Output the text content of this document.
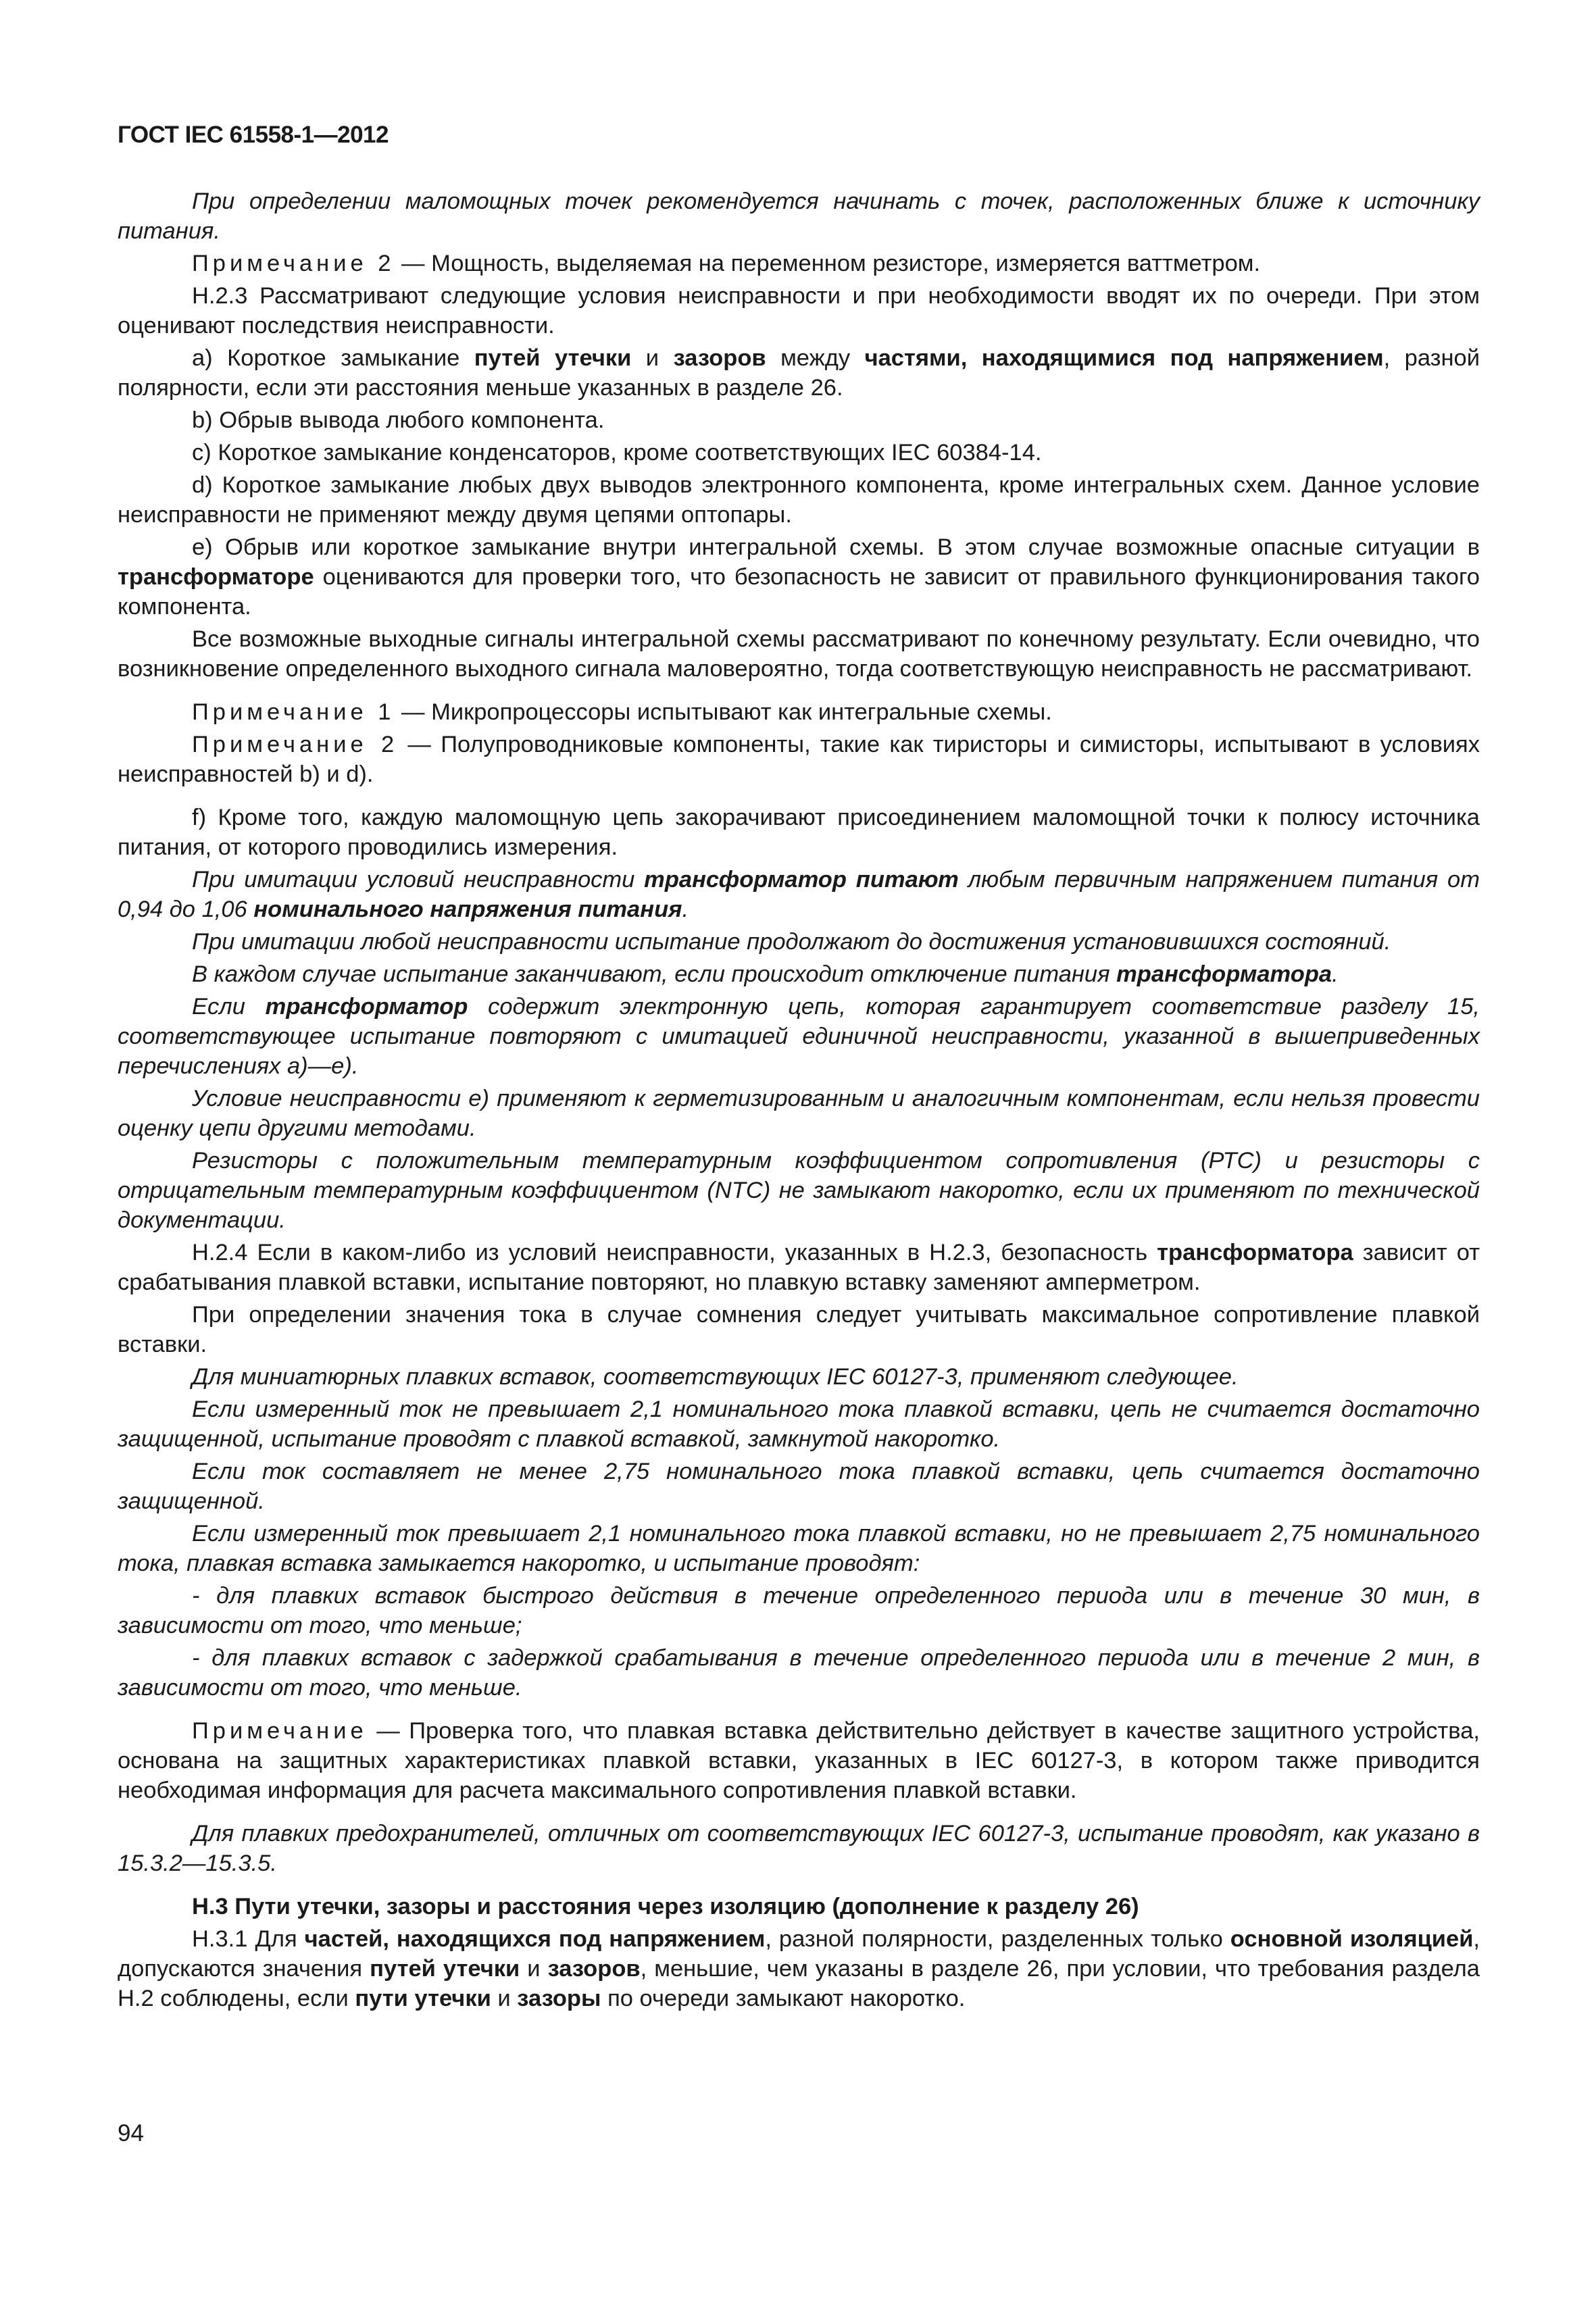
ГОСТ IEC 61558-1—2012

При определении маломощных точек рекомендуется начинать с точек, расположенных ближе к источнику питания.

Примечание 2 — Мощность, выделяемая на переменном резисторе, измеряется ваттметром.

Н.2.3 Рассматривают следующие условия неисправности и при необходимости вводят их по очереди. При этом оценивают последствия неисправности.

а) Короткое замыкание путей утечки и зазоров между частями, находящимися под напряжением, разной полярности, если эти расстояния меньше указанных в разделе 26.

b) Обрыв вывода любого компонента.

с) Короткое замыкание конденсаторов, кроме соответствующих IEC 60384-14.

d) Короткое замыкание любых двух выводов электронного компонента, кроме интегральных схем. Данное условие неисправности не применяют между двумя цепями оптопары.

е) Обрыв или короткое замыкание внутри интегральной схемы. В этом случае возможные опасные ситуации в трансформаторе оцениваются для проверки того, что безопасность не зависит от правильного функционирования такого компонента.

Все возможные выходные сигналы интегральной схемы рассматривают по конечному результату. Если очевидно, что возникновение определенного выходного сигнала маловероятно, тогда соответствующую неисправность не рассматривают.

Примечание 1 — Микропроцессоры испытывают как интегральные схемы.

Примечание 2 — Полупроводниковые компоненты, такие как тиристоры и симисторы, испытывают в условиях неисправностей b) и d).

f) Кроме того, каждую маломощную цепь закорачивают присоединением маломощной точки к полюсу источника питания, от которого проводились измерения.

При имитации условий неисправности трансформатор питают любым первичным напряжением питания от 0,94 до 1,06 номинального напряжения питания.

При имитации любой неисправности испытание продолжают до достижения установившихся состояний.

В каждом случае испытание заканчивают, если происходит отключение питания трансформатора.

Если трансформатор содержит электронную цепь, которая гарантирует соответствие разделу 15, соответствующее испытание повторяют с имитацией единичной неисправности, указанной в вышеприведенных перечислениях а)—е).

Условие неисправности е) применяют к герметизированным и аналогичным компонентам, если нельзя провести оценку цепи другими методами.

Резисторы с положительным температурным коэффициентом сопротивления (РТС) и резисторы с отрицательным температурным коэффициентом (NTC) не замыкают накоротко, если их применяют по технической документации.

Н.2.4 Если в каком-либо из условий неисправности, указанных в Н.2.3, безопасность трансформатора зависит от срабатывания плавкой вставки, испытание повторяют, но плавкую вставку заменяют амперметром.

При определении значения тока в случае сомнения следует учитывать максимальное сопротивление плавкой вставки.

Для миниатюрных плавких вставок, соответствующих IEC 60127-3, применяют следующее.

Если измеренный ток не превышает 2,1 номинального тока плавкой вставки, цепь не считается достаточно защищенной, испытание проводят с плавкой вставкой, замкнутой накоротко.

Если ток составляет не менее 2,75 номинального тока плавкой вставки, цепь считается достаточно защищенной.

Если измеренный ток превышает 2,1 номинального тока плавкой вставки, но не превышает 2,75 номинального тока, плавкая вставка замыкается накоротко, и испытание проводят:

- для плавких вставок быстрого действия в течение определенного периода или в течение 30 мин, в зависимости от того, что меньше;

- для плавких вставок с задержкой срабатывания в течение определенного периода или в течение 2 мин, в зависимости от того, что меньше.

Примечание — Проверка того, что плавкая вставка действительно действует в качестве защитного устройства, основана на защитных характеристиках плавкой вставки, указанных в IEC 60127-3, в котором также приводится необходимая информация для расчета максимального сопротивления плавкой вставки.

Для плавких предохранителей, отличных от соответствующих IEC 60127-3, испытание проводят, как указано в 15.3.2—15.3.5.

Н.3 Пути утечки, зазоры и расстояния через изоляцию (дополнение к разделу 26)

Н.3.1 Для частей, находящихся под напряжением, разной полярности, разделенных только основной изоляцией, допускаются значения путей утечки и зазоров, меньшие, чем указаны в разделе 26, при условии, что требования раздела Н.2 соблюдены, если пути утечки и зазоры по очереди замыкают накоротко.

94
